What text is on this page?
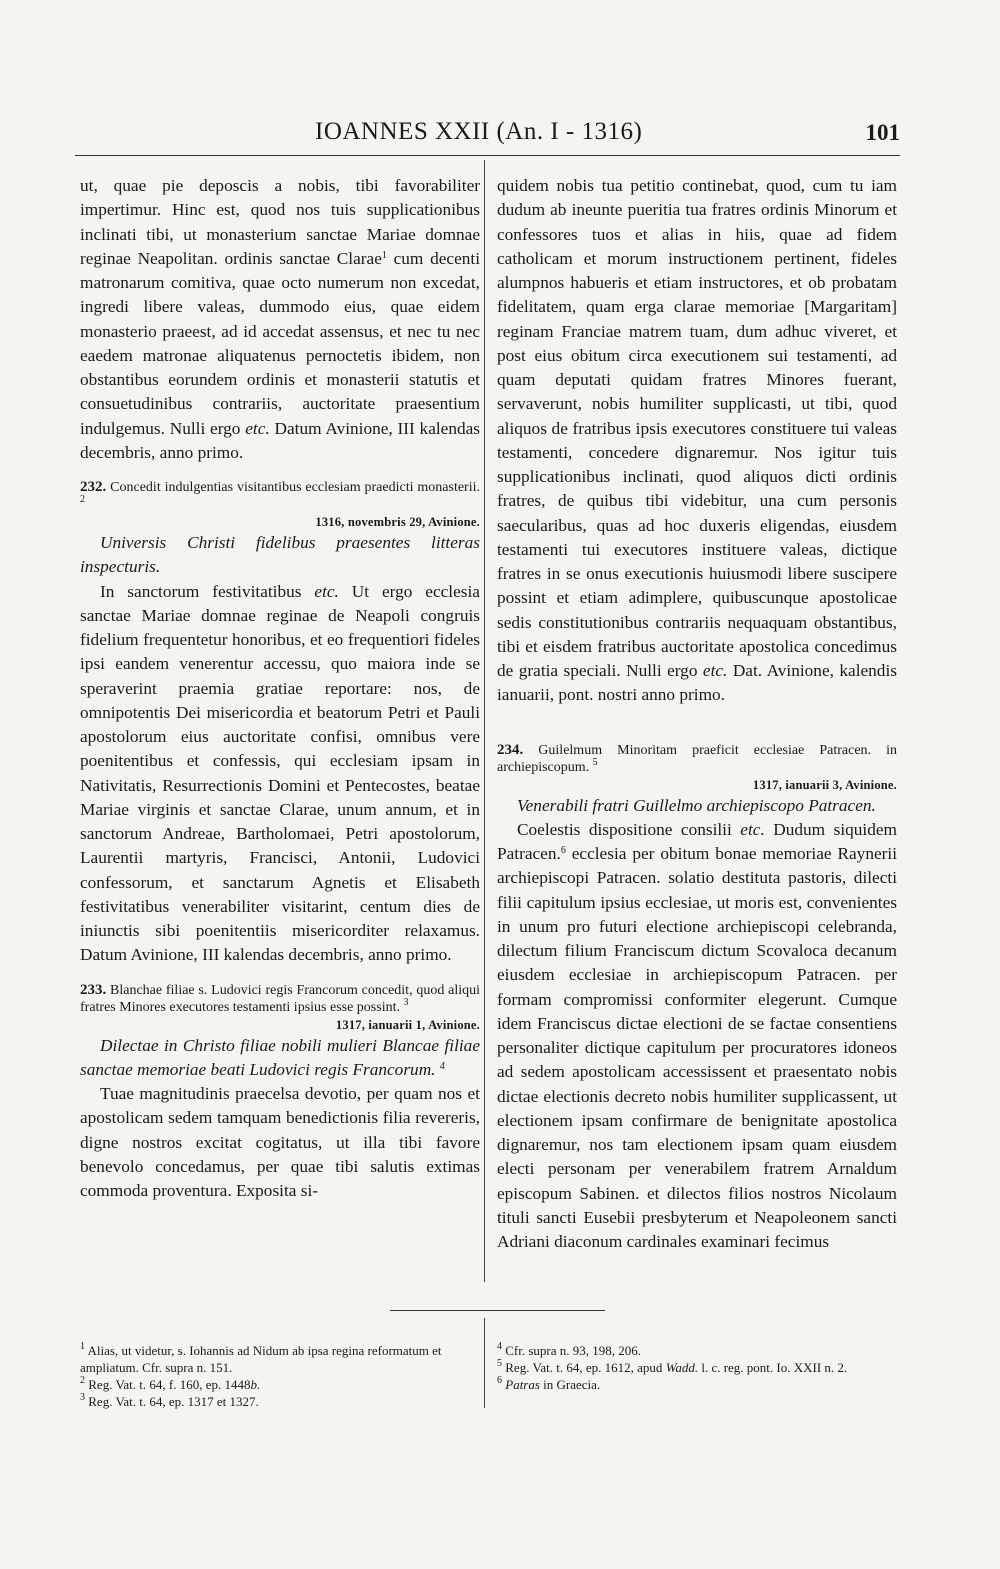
IOANNES XXII (An. I - 1316)	101

ut, quae pie deposcis a nobis, tibi favorabiliter impertimur. Hinc est, quod nos tuis supplicationibus inclinati tibi, ut monasterium sanctae Mariae domnae reginae Neapolitan. ordinis sanctae Clarae$^1$ cum decenti matronarum comitiva, quae octo numerum non excedat, ingredi libere valeas, dummodo eius, quae eidem monasterio praeest, ad id accedat assensus, et nec tu nec eaedem matronae aliquatenus pernoctetis ibidem, non obstantibus eorundem ordinis et monasterii statutis et consuetudinibus contrariis, auctoritate praesentium indulgemus. Nulli ergo etc. Datum Avinione, III kalendas decembris, anno primo.

232. Concedit indulgentias visitantibus ecclesiam praedicti monasterii. $^2$
1316, novembris 29, Avinione.

Universis Christi fidelibus praesentes litteras inspecturis.

In sanctorum festivitatibus etc. Ut ergo ecclesia sanctae Mariae domnae reginae de Neapoli congruis fidelium frequentetur honoribus, et eo frequentiori fideles ipsi eandem venerentur accessu, quo maiora inde se speraverint praemia gratiae reportare: nos, de omnipotentis Dei misericordia et beatorum Petri et Pauli apostolorum eius auctoritate confisi, omnibus vere poenitentibus et confessis, qui ecclesiam ipsam in Nativitatis, Resurrectionis Domini et Pentecostes, beatae Mariae virginis et sanctae Clarae, unum annum, et in sanctorum Andreae, Bartholomaei, Petri apostolorum, Laurentii martyris, Francisci, Antonii, Ludovici confessorum, et sanctarum Agnetis et Elisabeth festivitatibus venerabiliter visitarint, centum dies de iniunctis sibi poenitentiis misericorditer relaxamus. Datum Avinione, III kalendas decembris, anno primo.

233. Blanchae filiae s. Ludovici regis Francorum concedit, quod aliqui fratres Minores executores testamenti ipsius esse possint. $^3$
1317, ianuarii 1, Avinione.

Dilectae in Christo filiae nobili mulieri Blancae filiae sanctae memoriae beati Ludovici regis Francorum. $^4$

Tuae magnitudinis praecelsa devotio, per quam nos et apostolicam sedem tamquam benedictionis filia revereris, digne nostros excitat cogitatus, ut illa tibi favore benevolo concedamus, per quae tibi salutis extimas commoda proventura. Exposita si-

quidem nobis tua petitio continebat, quod, cum tu iam dudum ab ineunte pueritia tua fratres ordinis Minorum et confessores tuos et alias in hiis, quae ad fidem catholicam et morum instructionem pertinent, fideles alumpnos habueris et etiam instructores, et ob probatam fidelitatem, quam erga clarae memoriae [Margaritam] reginam Franciae matrem tuam, dum adhuc viveret, et post eius obitum circa executionem sui testamenti, ad quam deputati quidam fratres Minores fuerant, servaverunt, nobis humiliter supplicasti, ut tibi, quod aliquos de fratribus ipsis executores constituere tui valeas testamenti, concedere dignaremur. Nos igitur tuis supplicationibus inclinati, quod aliquos dicti ordinis fratres, de quibus tibi videbitur, una cum personis saecularibus, quas ad hoc duxeris eligendas, eiusdem testamenti tui executores instituere valeas, dictique fratres in se onus executionis huiusmodi libere suscipere possint et etiam adimplere, quibuscunque apostolicae sedis constitutionibus contrariis nequaquam obstantibus, tibi et eisdem fratribus auctoritate apostolica concedimus de gratia speciali. Nulli ergo etc. Dat. Avinione, kalendis ianuarii, pont. nostri anno primo.

234. Guilelmum Minoritam praeficit ecclesiae Patracen. in archiepiscopum. $^5$
1317, ianuarii 3, Avinione.

Venerabili fratri Guillelmo archiepiscopo Patracen.

Coelestis dispositione consilii etc. Dudum siquidem Patracen.$^6$ ecclesia per obitum bonae memoriae Raynerii archiepiscopi Patracen. solatio destituta pastoris, dilecti filii capitulum ipsius ecclesiae, ut moris est, convenientes in unum pro futuri electione archiepiscopi celebranda, dilectum filium Franciscum dictum Scovaloca decanum eiusdem ecclesiae in archiepiscopum Patracen. per formam compromissi conformiter elegerunt. Cumque idem Franciscus dictae electioni de se factae consentiens personaliter dictique capitulum per procuratores idoneos ad sedem apostolicam accessissent et praesentato nobis dictae electionis decreto nobis humiliter supplicassent, ut electionem ipsam confirmare de benignitate apostolica dignaremur, nos tam electionem ipsam quam eiusdem electi personam per venerabilem fratrem Arnaldum episcopum Sabinen. et dilectos filios nostros Nicolaum tituli sancti Eusebii presbyterum et Neapoleonem sancti Adriani diaconum cardinales examinari fecimus

$^1$ Alias, ut videtur, s. Iohannis ad Nidum ab ipsa regina reformatum et ampliatum. Cfr. supra n. 151.

$^2$ Reg. Vat. t. 64, f. 160, ep. 1448b.

$^3$ Reg. Vat. t. 64, ep. 1317 et 1327.

$^4$ Cfr. supra n. 93, 198, 206.

$^5$ Reg. Vat. t. 64, ep. 1612, apud Wadd. l. c. reg. pont. Io. XXII n. 2.

$^6$ Patras in Graecia.
